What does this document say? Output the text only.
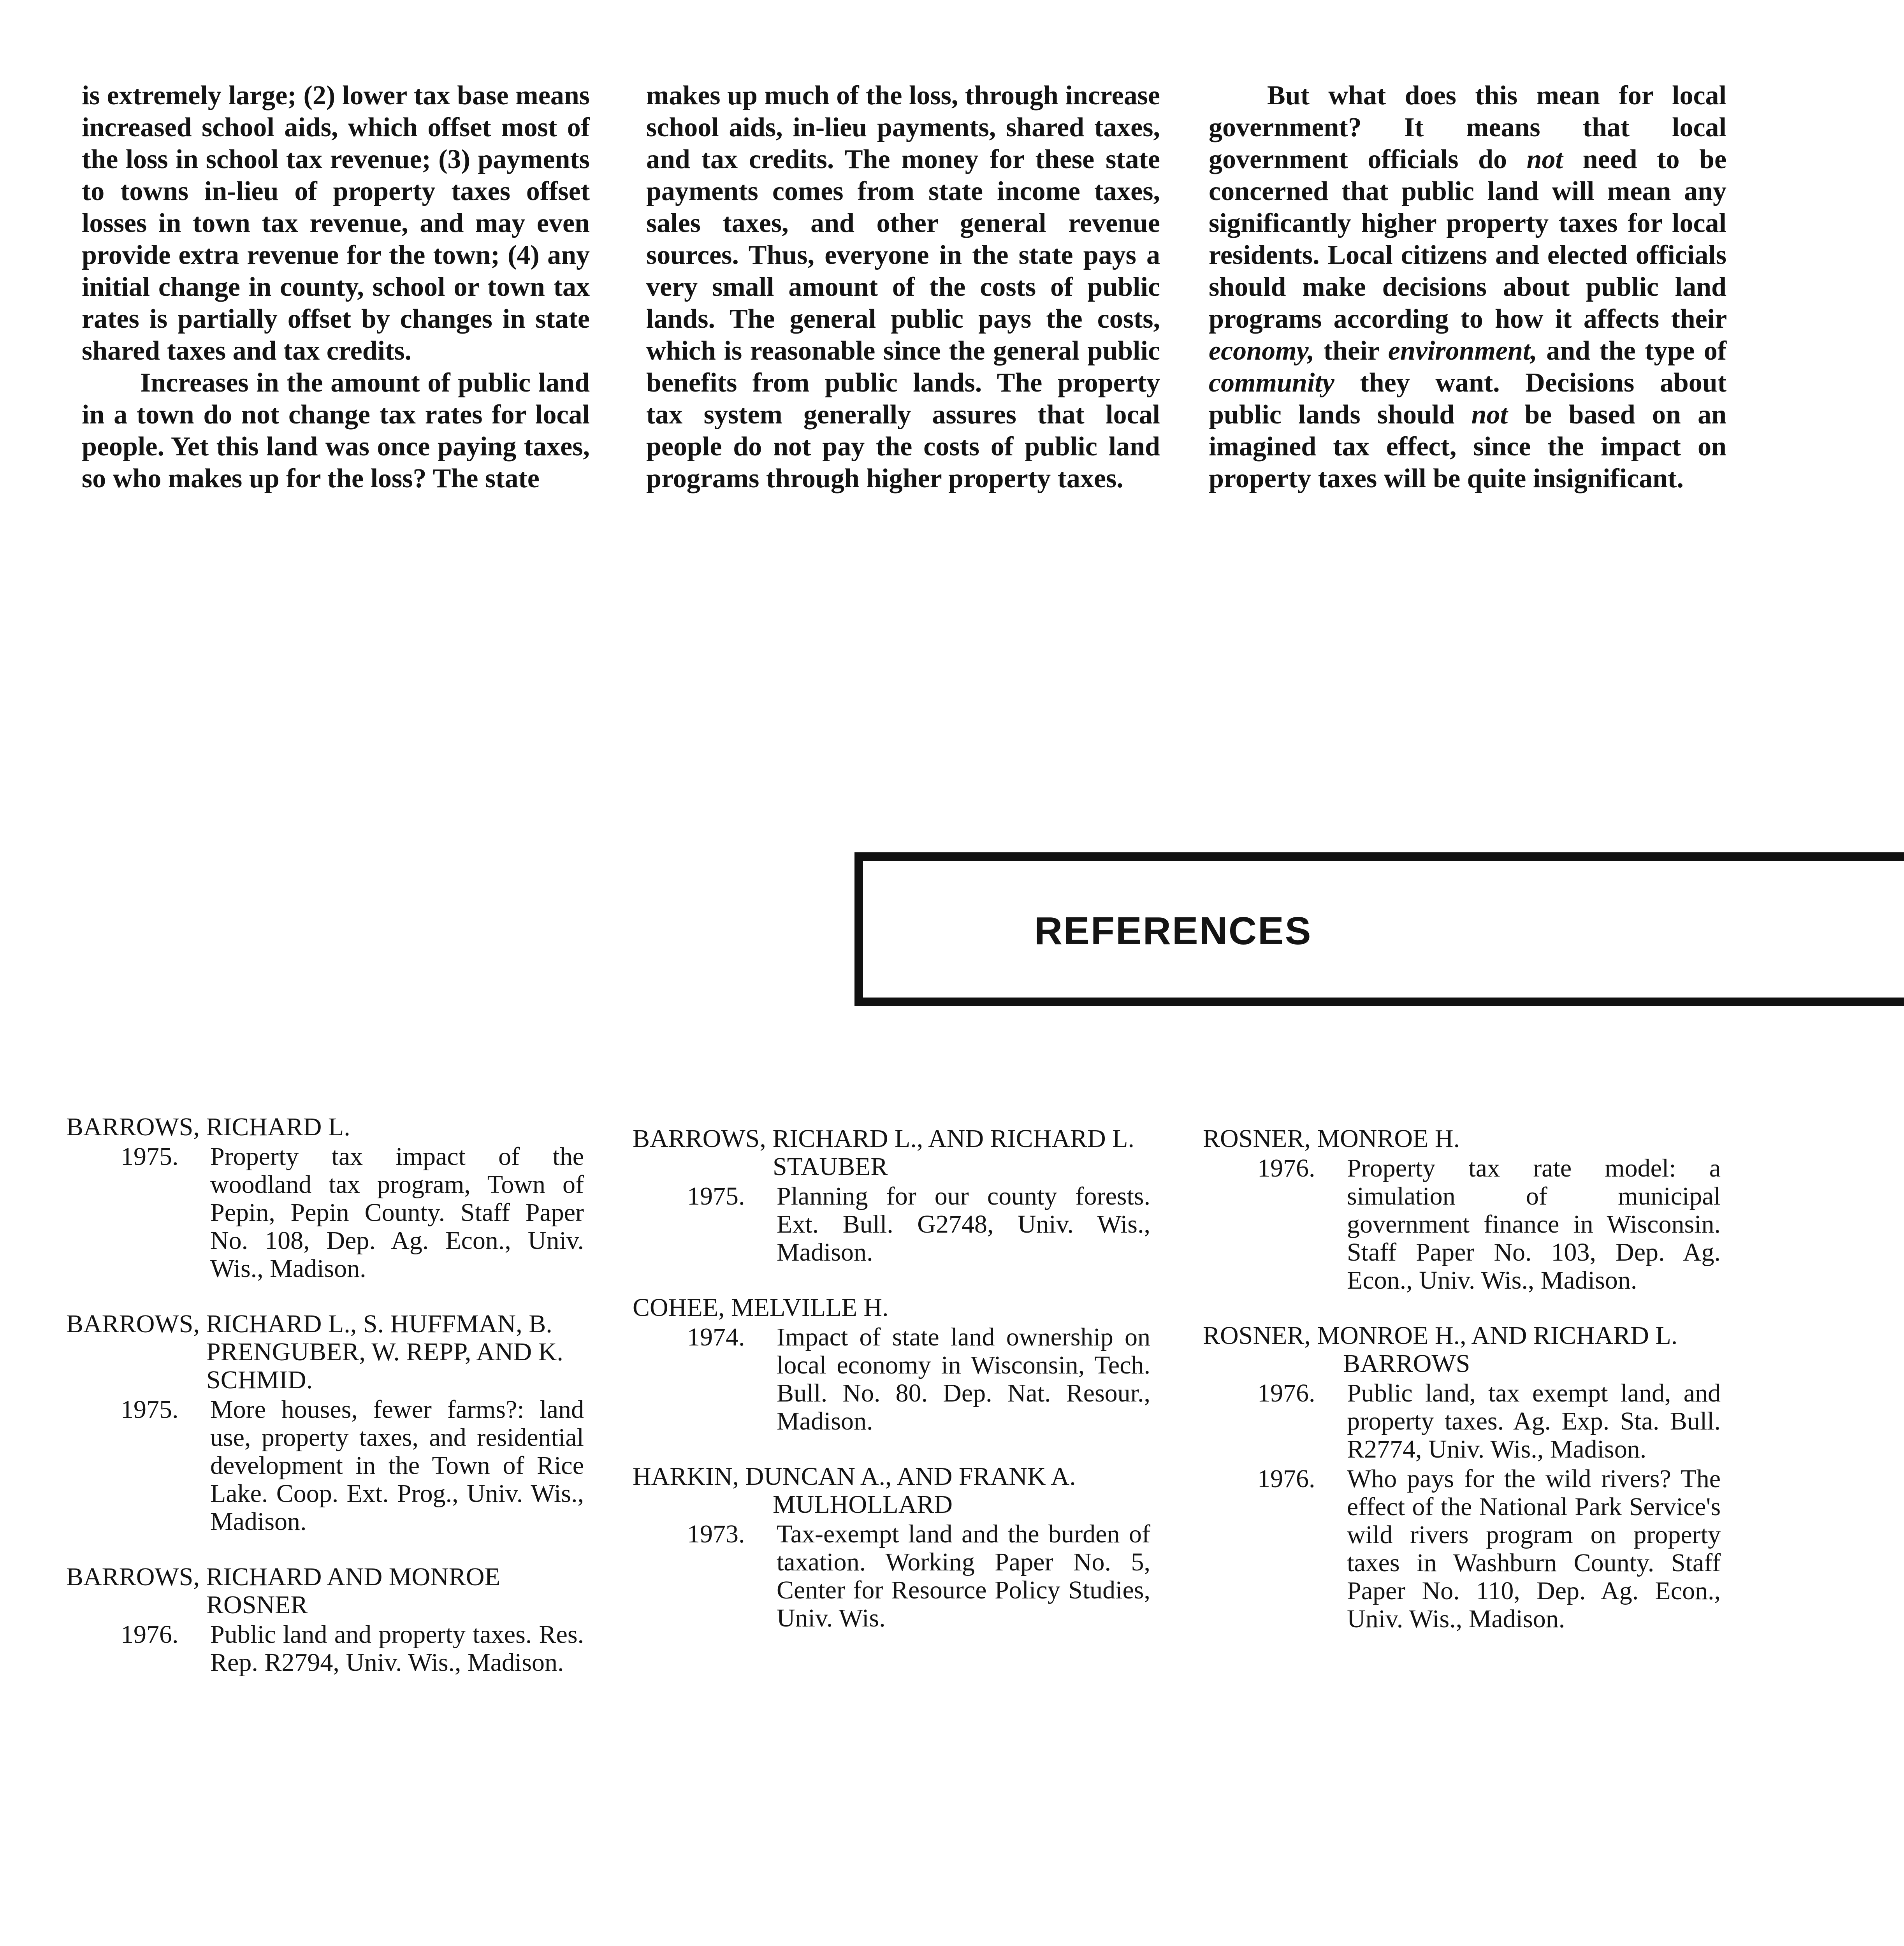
is extremely large; (2) lower tax base means increased school aids, which offset most of the loss in school tax revenue; (3) payments to towns in-lieu of property taxes offset losses in town tax revenue, and may even provide extra revenue for the town; (4) any initial change in county, school or town tax rates is partially offset by changes in state shared taxes and tax credits.

Increases in the amount of public land in a town do not change tax rates for local people. Yet this land was once paying taxes, so who makes up for the loss? The state

makes up much of the loss, through increase school aids, in-lieu payments, shared taxes, and tax credits. The money for these state payments comes from state income taxes, sales taxes, and other general revenue sources. Thus, everyone in the state pays a very small amount of the costs of public lands. The general public pays the costs, which is reasonable since the general public benefits from public lands. The property tax system generally assures that local people do not pay the costs of public land programs through higher property taxes.

But what does this mean for local government? It means that local government officials do not need to be concerned that public land will mean any significantly higher property taxes for local residents. Local citizens and elected officials should make decisions about public land programs according to how it affects their economy, their environment, and the type of community they want. Decisions about public lands should not be based on an imagined tax effect, since the impact on property taxes will be quite insignificant.

REFERENCES
BARROWS, RICHARD L.
1975. Property tax impact of the woodland tax program, Town of Pepin, Pepin County. Staff Paper No. 108, Dep. Ag. Econ., Univ. Wis., Madison.
BARROWS, RICHARD L., S. HUFFMAN, B. PRENGUBER, W. REPP, AND K. SCHMID.
1975. More houses, fewer farms?: land use, property taxes, and residential development in the Town of Rice Lake. Coop. Ext. Prog., Univ. Wis., Madison.
BARROWS, RICHARD AND MONROE ROSNER
1976. Public land and property taxes. Res. Rep. R2794, Univ. Wis., Madison.
BARROWS, RICHARD L., AND RICHARD L. STAUBER
1975. Planning for our county forests. Ext. Bull. G2748, Univ. Wis., Madison.
COHEE, MELVILLE H.
1974. Impact of state land ownership on local economy in Wisconsin, Tech. Bull. No. 80. Dep. Nat. Resour., Madison.
HARKIN, DUNCAN A., AND FRANK A. MULHOLLARD
1973. Tax-exempt land and the burden of taxation. Working Paper No. 5, Center for Resource Policy Studies, Univ. Wis.
ROSNER, MONROE H.
1976. Property tax rate model: a simulation of municipal government finance in Wisconsin. Staff Paper No. 103, Dep. Ag. Econ., Univ. Wis., Madison.
ROSNER, MONROE H., AND RICHARD L. BARROWS
1976. Public land, tax exempt land, and property taxes. Ag. Exp. Sta. Bull. R2774, Univ. Wis., Madison.
1976. Who pays for the wild rivers? The effect of the National Park Service's wild rivers program on property taxes in Washburn County. Staff Paper No. 110, Dep. Ag. Econ., Univ. Wis., Madison.
